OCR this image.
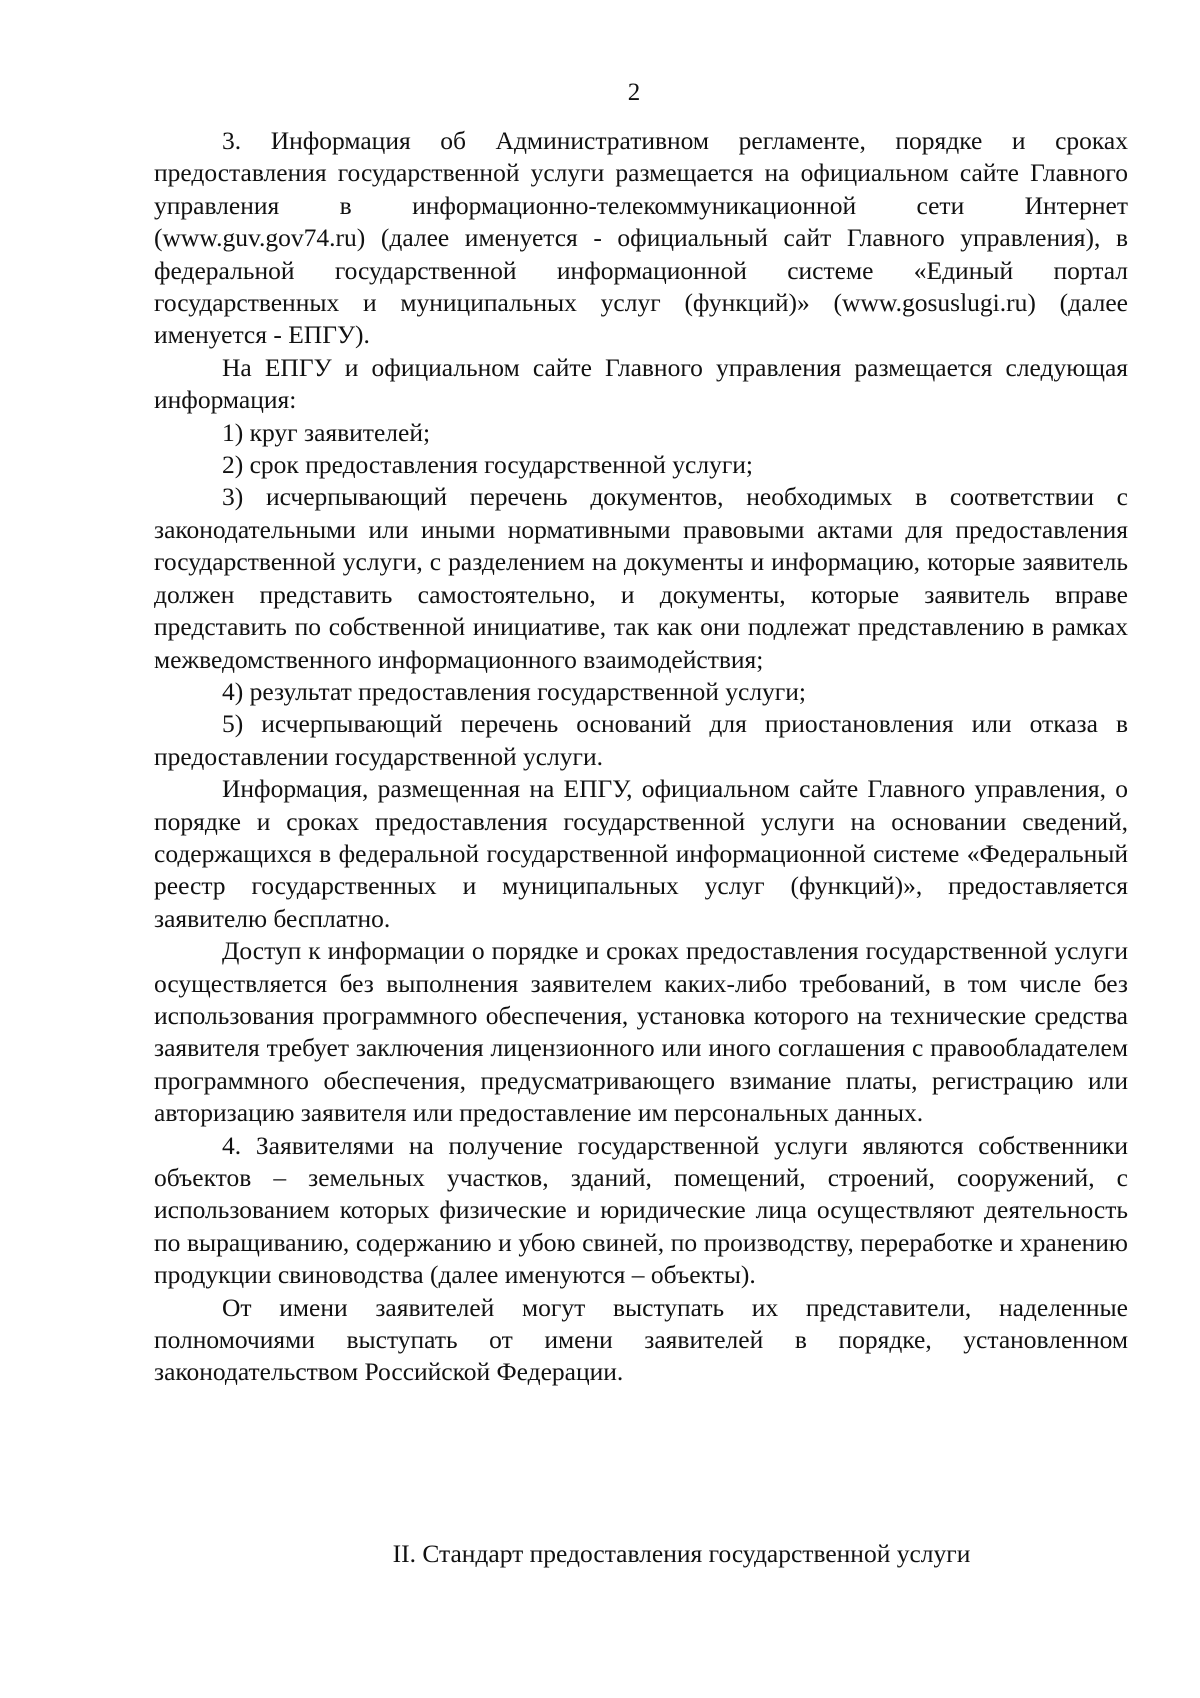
2

3. Информация об Административном регламенте, порядке и сроках предоставления государственной услуги размещается на официальном сайте Главного управления в информационно-телекоммуникационной сети Интернет (www.guv.gov74.ru) (далее именуется - официальный сайт Главного управления), в федеральной государственной информационной системе «Единый портал государственных и муниципальных услуг (функций)» (www.gosuslugi.ru) (далее именуется - ЕПГУ).

На ЕПГУ и официальном сайте Главного управления размещается следующая информация:

1) круг заявителей;

2) срок предоставления государственной услуги;

3) исчерпывающий перечень документов, необходимых в соответствии с законодательными или иными нормативными правовыми актами для предоставления государственной услуги, с разделением на документы и информацию, которые заявитель должен представить самостоятельно, и документы, которые заявитель вправе представить по собственной инициативе, так как они подлежат представлению в рамках межведомственного информационного взаимодействия;

4) результат предоставления государственной услуги;

5) исчерпывающий перечень оснований для приостановления или отказа в предоставлении государственной услуги.

Информация, размещенная на ЕПГУ, официальном сайте Главного управления, о порядке и сроках предоставления государственной услуги на основании сведений, содержащихся в федеральной государственной информационной системе «Федеральный реестр государственных и муниципальных услуг (функций)», предоставляется заявителю бесплатно.

Доступ к информации о порядке и сроках предоставления государственной услуги осуществляется без выполнения заявителем каких-либо требований, в том числе без использования программного обеспечения, установка которого на технические средства заявителя требует заключения лицензионного или иного соглашения с правообладателем программного обеспечения, предусматривающего взимание платы, регистрацию или авторизацию заявителя или предоставление им персональных данных.

4. Заявителями на получение государственной услуги являются собственники объектов – земельных участков, зданий, помещений, строений, сооружений, с использованием которых физические и юридические лица осуществляют деятельность по выращиванию, содержанию и убою свиней, по производству, переработке и хранению продукции свиноводства (далее именуются – объекты).

От имени заявителей могут выступать их представители, наделенные полномочиями выступать от имени заявителей в порядке, установленном законодательством Российской Федерации.

II. Стандарт предоставления государственной услуги
